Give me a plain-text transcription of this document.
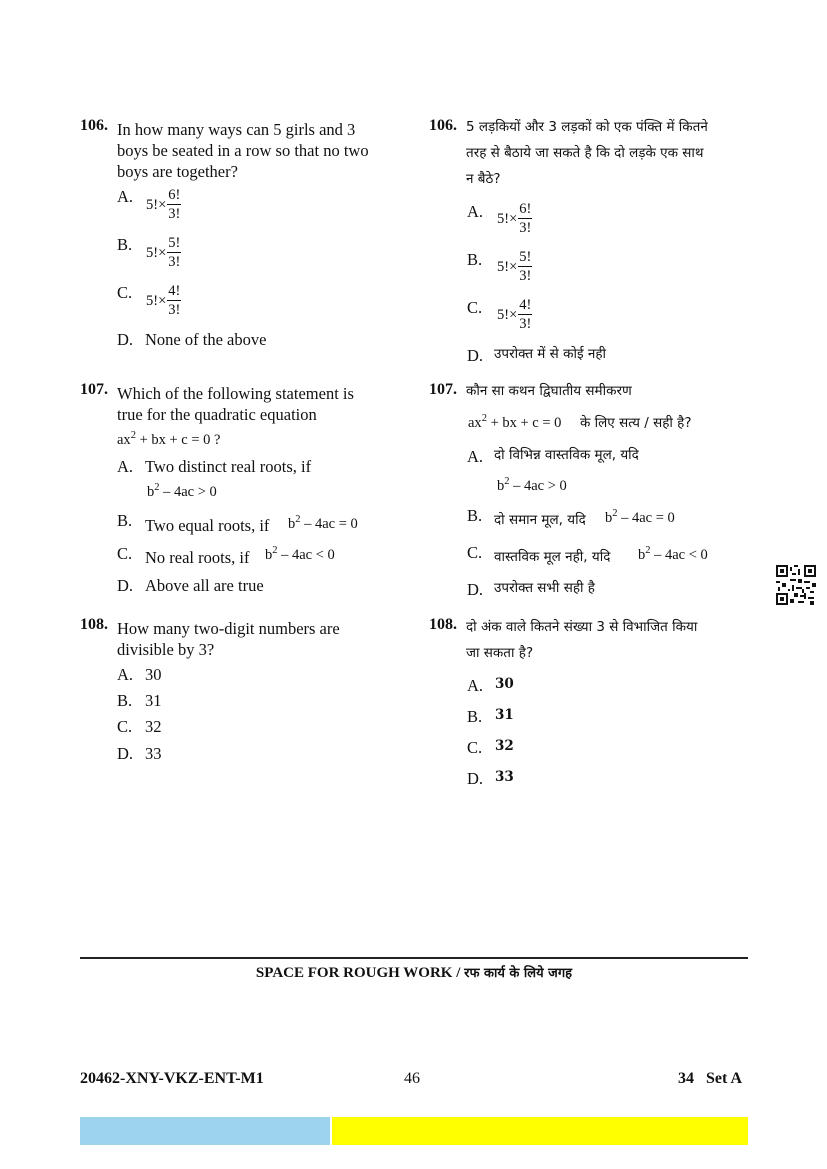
106. In how many ways can 5 girls and 3
boys be seated in a row so that no two
boys are together?
A. $5!\times \frac{6!}{3!}$
B. $5!\times \frac{5!}{3!}$
C. $5!\times \frac{4!}{3!}$
D. None of the above
107. Which of the following statement is
true for the quadratic equation
$ax^2$ + bx + c = 0 ?
A. Two distinct real roots, if
$b^2 - 4ac > 0$
B. Two equal roots, if $b^2 - 4ac = 0$
C. No real roots, if $b^2 - 4ac < 0$
D. Above all are true
108. How many two-digit numbers are
divisible by 3?
A. 30
B. 31
C. 32
D. 33
106. 5 लड़कियों और 3 लड़कों को एक पंक्ति में कितने
तरह से बैठाये जा सकते है कि दो लड़के एक साथ
न बैठे?
A. $5!\times \frac{6!}{3!}$
B. $5!\times \frac{5!}{3!}$
C. $5!\times \frac{4!}{3!}$
D. उपरोक्त में से कोई नही
107. कौन सा कथन द्विघातीय समीकरण
$ax^2$ + bx + c = 0 के लिए सत्य / सही है?
A. दो विभिन्न वास्तविक मूल, यदि
$b^2 - 4ac > 0$
B. दो समान मूल, यदि $b^2 - 4ac = 0$
C. वास्तविक मूल नही, यदि $b^2 - 4ac < 0$
D. उपरोक्त सभी सही है
108. दो अंक वाले कितने संख्या 3 से विभाजित किया
जा सकता है?
A. 30
B. 31
C. 32
D. 33
SPACE FOR ROUGH WORK / रफ कार्य के लिये जगह
20462-XNY-VKZ-ENT-M1	46	34   Set A
